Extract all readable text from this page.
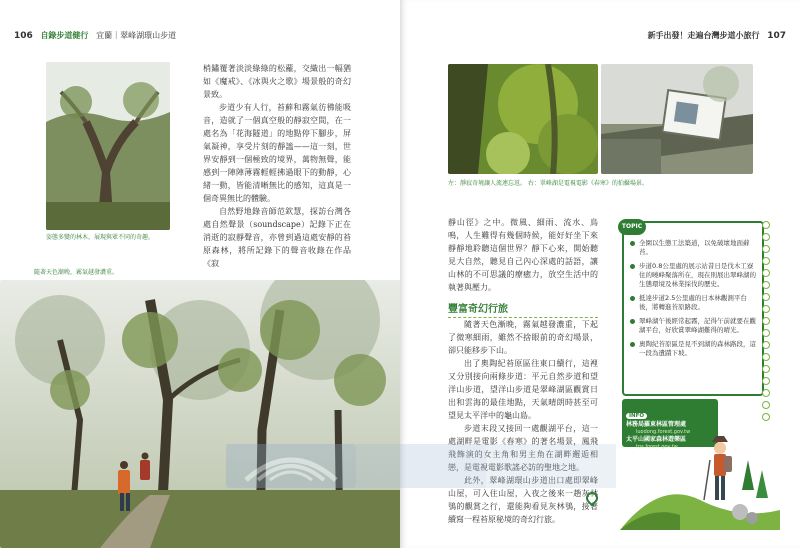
106 自錄步道健行 宜蘭｜翠峰湖環山步道
姿態多變的林木，展現與眾不同的奇趣。

梢鏽覆著淡淡綠綠的松蘿，交織出一幅猶如《魔戒》、《冰與火之歌》場景般的奇幻景致。

步道少有人行，苔蘚和霧氣彷彿能吸音，造就了一個真空般的靜寂空間，在一處名為「花海隧道」的地點停下腳步，屏氣凝神，享受片刻的靜謐——這一刻，世界安靜到一個極致的境界，萬物無聲，能感到一陣陣薄霧輕輕拂過眼下的動靜，心緒一動，皆能清晰無比的感知，這真是一個奇異無比的體驗。

自然野地錄音師范欽慧，探訪台灣各處自然聲景（soundscape）記錄下正在消逝的寂靜聲音，亦曾到過這處安靜的苔原森林，將所記錄下的聲音收錄在作品《寂

隨著天色漸晚，霧氣越發濃重。
新手出發！走遍台灣步道小旅行 107
左：靜寂奇境讓人流連忘返。 右：翠峰湖是電視電影《春寒》的拍攝場景。

靜山徑》之中。微風、細雨、流水、鳥鳴，人生難得有幾個時候，能好好坐下來靜靜地聆聽這個世界？靜下心來，開始聽見大自然，聽見自己內心深處的話語，讓山林的不可思議的療癒力，放空生活中的執著與壓力。

豐富奇幻行旅

隨著天色漸晚，霧氣越發濃重，下起了微寒細雨，雖然不捨眼前的奇幻場景，卻只能移步下山。

出了奧陶紀苔原區往東口續行，這裡又分別接向兩條步道：平元自然步道和望洋山步道，望洋山步道是翠峰湖區觀賞日出和雲海的最佳地點，天氣晴朗時甚至可望見太平洋中的龜山島。

步道末段又接回一處觀湖平台，這一處湖畔是電影《春寒》的著名場景，鳳飛飛飾演的女主角和男主角在湖畔邂逅相戀，是電視電影歌謠必訪的聖地之地。

此外，翠峰湖環山步道出口處即翠峰山屋，可入住山屋，入夜之後來一趟灰林鴞的觀賞之行，還能夠看見灰林鴞，接著續寫一程苔原秘境的奇幻行旅。

TOPIC
全園以生態工法築道，以免破壞地面蘚苔。
步道0.8公里處的展示站昔日是伐木工寮住的曉峰聚落所在，現在則展出翠峰湖的生態環境及林業採伐的歷史。
抵達步道2.5公里處的日本林觀測平台後，將轉進苔原路段。
翠峰湖午後經常起霧，記得午前就要在觀湖平台，好欣賞翠峰湖難得的晴光。
奧陶紀苔原區是見不到湖的森林路段，這一段為遺蹟下坡。
INFO
林務局羅東林區管理處
luodong.forest.gov.tw
太平山國家森林遊樂區
tps.forest.gov.tw
